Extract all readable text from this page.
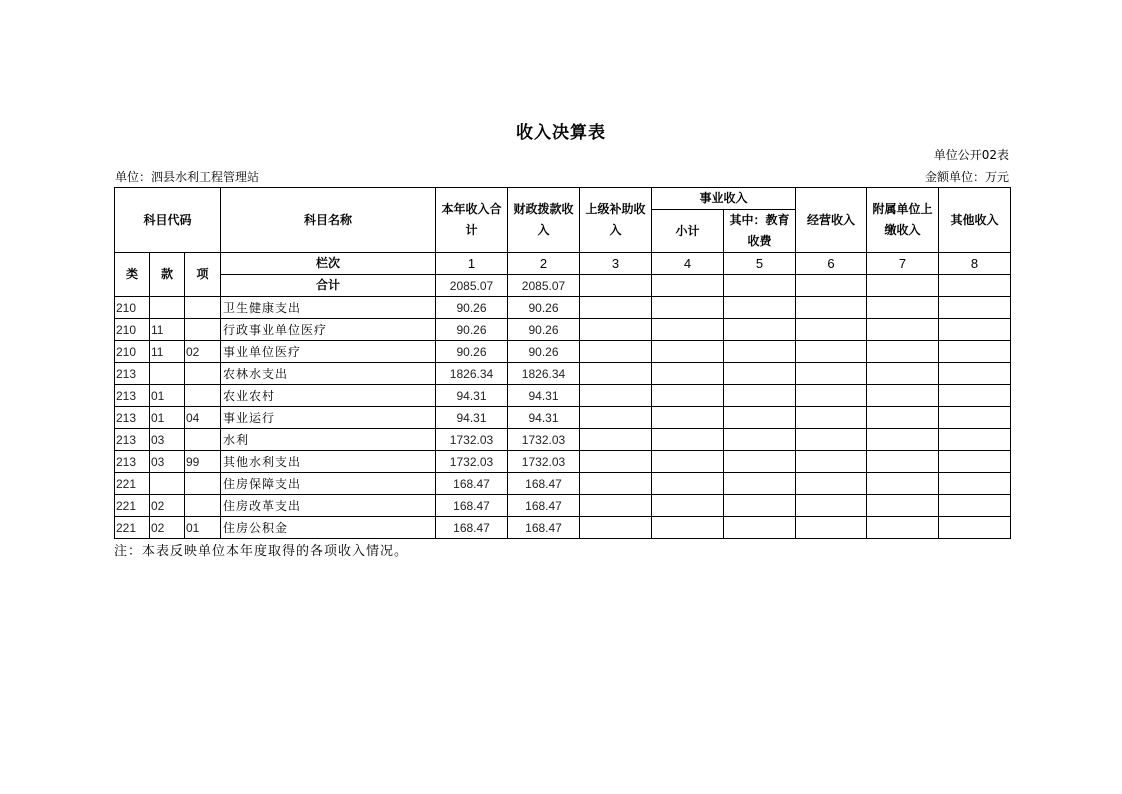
收入决算表
单位公开02表
单位：泗县水利工程管理站	金额单位：万元
科目代码			科目名称	本年收入合计	财政拨款收入	上级补助收入	事业收入		经营收入	附属单位上缴收入	其他收入
							小计	其中：教育收费			
类	款	项	栏次	1	2	3	4	5	6	7	8
			合计	2085.07	2085.07						
210			卫生健康支出	90.26	90.26						
210	11		行政事业单位医疗	90.26	90.26						
210	11	02	事业单位医疗	90.26	90.26						
213			农林水支出	1826.34	1826.34						
213	01		农业农村	94.31	94.31						
213	01	04	事业运行	94.31	94.31						
213	03		水利	1732.03	1732.03						
213	03	99	其他水利支出	1732.03	1732.03						
221			住房保障支出	168.47	168.47						
221	02		住房改革支出	168.47	168.47						
221	02	01	住房公积金	168.47	168.47						
注：本表反映单位本年度取得的各项收入情况。
